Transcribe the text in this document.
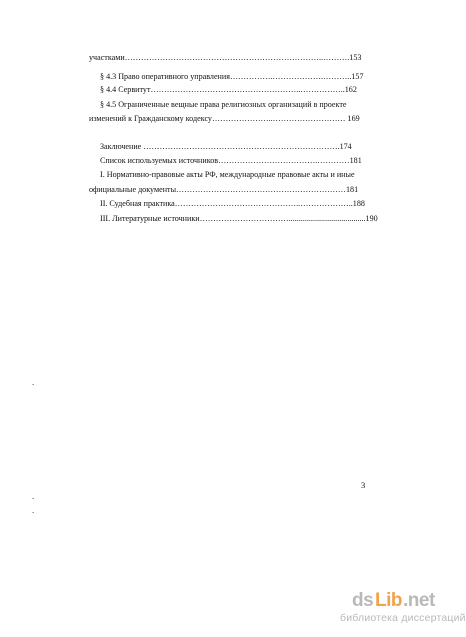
участками………………………………………………………………..……….153
§ 4.3 Право оперативного управления…………….……………….………..157
§ 4.4 Сервитут………………………………………………..……………..162
§ 4.5 Ограниченные вещные права религиозных организаций в проекте
изменений к Гражданскому кодексу…………………..……………………… 169
Заключение ……………………………………………………………….174
Список используемых источников……………………………….…………181
I. Нормативно-правовые акты РФ, международные правовые акты и иные
официальные документы………………………………………………………181
II. Судебная практика………………………………………..………………..188
III. Литературные источники……………………………......................................190
.
.
.
3
ds Lib .net
библиотека диссертаций
